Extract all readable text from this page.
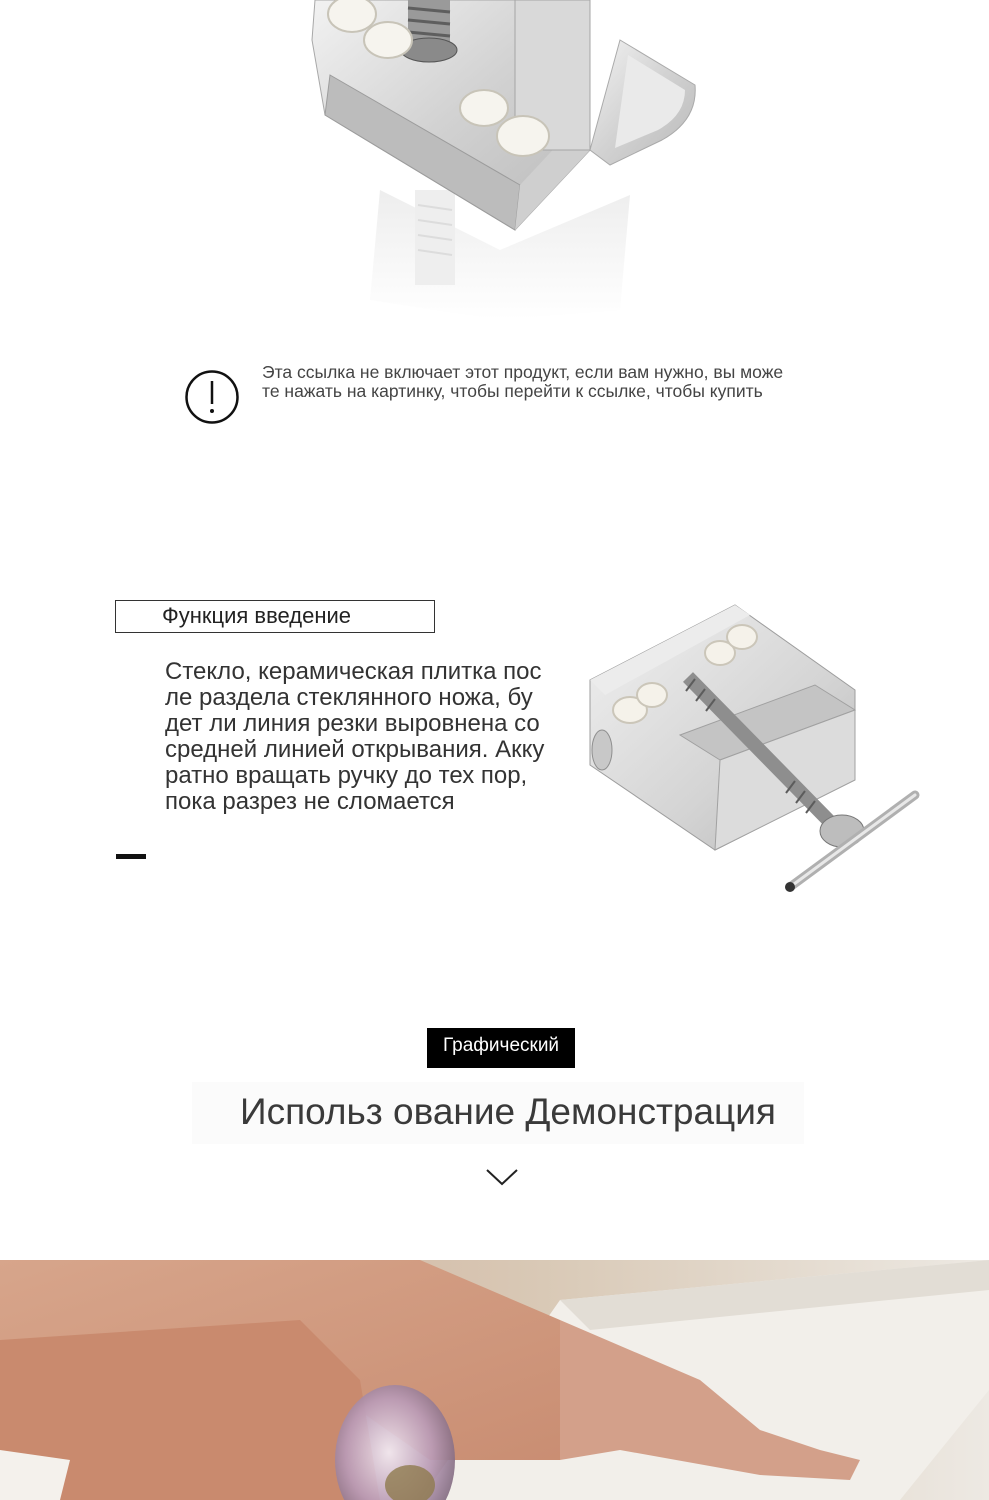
Эта ссылка не включает этот продукт, если вам нужно, вы може
те нажать на картинку, чтобы перейти к ссылке, чтобы купить
Функция введение
Стекло, керамическая плитка пос
ле раздела стеклянного ножа, бу
дет ли линия резки выровнена со
средней линией открывания. Акку
ратно вращать ручку до тех пор,
пока разрез не сломается
Графический
Использ ование Демонстрация
